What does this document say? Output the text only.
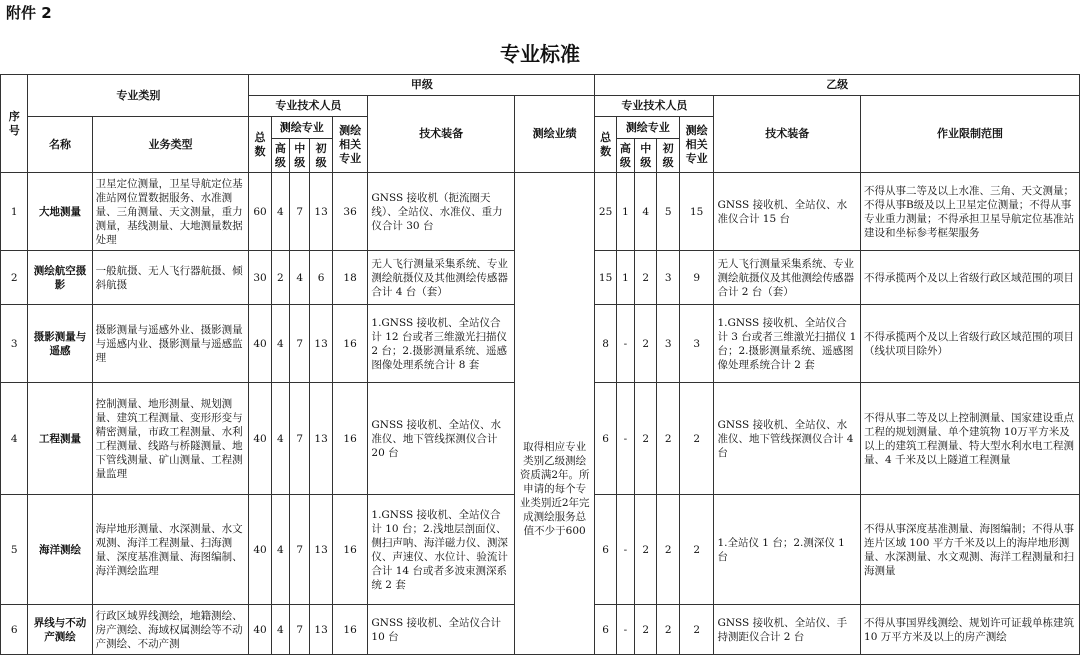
附件 2
专业标准
序号	专业类别		甲级							乙级						
			专业技术人员					技术装备	测绘业绩	专业技术人员					技术装备	作业限制范围
	名称	业务类型	总数	测绘专业			测绘相关专业			总数	测绘专业			测绘相关专业		
				高级	中级	初级					高级	中级	初级			
1	大地测量	卫星定位测量，卫星导航定位基准站网位置数据服务、水准测量、三角测量、天文测量，重力测量，基线测量、大地测量数据处理	60	4	7	13	36	GNSS 接收机（扼流圈天线）、全站仪、水准仪、重力仪合计 30 台	取得相应专业类别乙级测绘资质满2年。所申请的每个专业类别近2年完成测绘服务总值不少于600	25	1	4	5	15	GNSS 接收机、全站仪、水准仪合计 15 台	不得从事二等及以上水准、三角、天文测量；不得从事B级及以上卫星定位测量；不得从事专业重力测量；不得承担卫星导航定位基准站建设和坐标参考框架服务
2	测绘航空摄影	一般航摄、无人飞行器航摄、倾斜航摄	30	2	4	6	18	无人飞行测量采集系统、专业测绘航摄仪及其他测绘传感器合计 4 台（套）		15	1	2	3	9	无人飞行测量采集系统、专业测绘航摄仪及其他测绘传感器合计 2 台（套）	不得承揽两个及以上省级行政区域范围的项目
3	摄影测量与遥感	摄影测量与遥感外业、摄影测量与遥感内业、摄影测量与遥感监理	40	4	7	13	16	1.GNSS 接收机、全站仪合计 12 台或者三维激光扫描仪 2 台；2.摄影测量系统、遥感图像处理系统合计 8 套		8	-	2	3	3	1.GNSS 接收机、全站仪合计 3 台或者三维激光扫描仪 1 台；2.摄影测量系统、遥感图像处理系统合计 2 套	不得承揽两个及以上省级行政区域范围的项目（线状项目除外）
4	工程测量	控制测量、地形测量、规划测量、建筑工程测量、变形形变与精密测量，市政工程测量、水利工程测量、线路与桥隧测量、地下管线测量、矿山测量、工程测量监理	40	4	7	13	16	GNSS 接收机、全站仪、水准仪、地下管线探测仪合计 20 台		6	-	2	2	2	GNSS 接收机、全站仪、水准仪、地下管线探测仪合计 4 台	不得从事二等及以上控制测量、国家建设重点工程的规划测量、单个建筑物 10万平方米及以上的建筑工程测量、特大型水利水电工程测量、4 千米及以上隧道工程测量
5	海洋测绘	海岸地形测量、水深测量、水文观测、海洋工程测量、扫海测量、深度基准测量、海图编制、海洋测绘监理	40	4	7	13	16	1.GNSS 接收机、全站仪合计 10 台；2.浅地层剖面仪、侧扫声呐、海洋磁力仪、测深仪、声速仪、水位计、验流计合计 14 台或者多波束测深系统 2 套		6	-	2	2	2	1.全站仪 1 台；2.测深仪 1 台	不得从事深度基准测量、海图编制；不得从事连片区域 100 平方千米及以上的海岸地形测量、水深测量、水文观测、海洋工程测量和扫海测量
6	界线与不动产测绘	行政区域界线测绘，地籍测绘、房产测绘、海域权属测绘等不动产测绘、不动产测	40	4	7	13	16	GNSS 接收机、全站仪合计 10 台		6	-	2	2	2	GNSS 接收机、全站仪、手持测距仪合计 2 台	不得从事国界线测绘、规划许可证载单栋建筑 10 万平方米及以上的房产测绘
